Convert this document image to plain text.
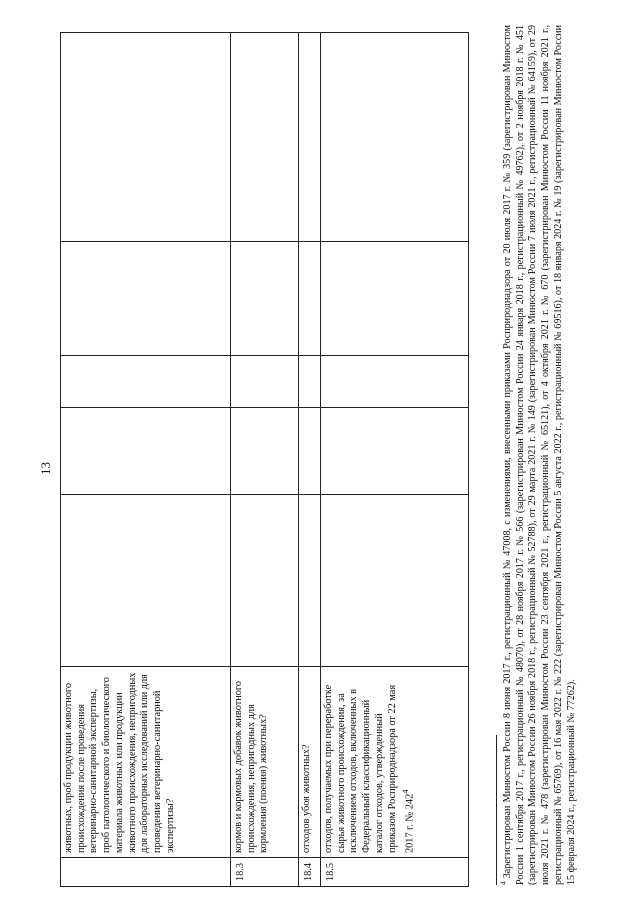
13
	животных, проб продукции животного происхождения после проведения ветеринарно-санитарной экспертизы, проб патологического и биологического материала животных или продукции животного происхождения, непригодных для лабораторных исследований или для проведения ветеринарно-санитарной экспертизы?					
18.3	кормов и кормовых добавок животного происхождения, непригодных для кормления (поения) животных?					
18.4	отходов убоя животных?					
18.5	отходов, получаемых при переработке сырья животного происхождения, за исключением отходов, включенных в Федеральный классификационный каталог отходов, утвержденный приказом Росприроднадзора от 22 мая 2017 г. № $242^4$					
$^4$ Зарегистрирован Минюстом России 8 июня 2017 г., регистрационный № 47008, с изменениями, внесенными приказами Росприроднадзора от 20 июля 2017 г. № 359 (зарегистрирован Минюстом России 1 сентября 2017 г., регистрационный № 48070), от 28 ноября 2017 г. № 566 (зарегистрирован Минюстом России 24 января 2018 г., регистрационный № 49762), от 2 ноября 2018 г. № 451 (зарегистрирован Минюстом России 26 ноября 2018 г., регистрационный № 52788), от 29 марта 2021 г. № 149 (зарегистрирован Минюстом России 7 июля 2021 г., регистрационный № 64159), от 29 июля 2021 г. № 478 (зарегистрирован Минюстом России 23 сентября 2021 г., регистрационный № 65121), от 4 октября 2021 г. № 670 (зарегистрирован Минюстом России 11 ноября 2021 г., регистрационный № 65769), от 16 мая 2022 г. № 222 (зарегистрирован Минюстом России 5 августа 2022 г., регистрационный № 69516), от 18 января 2024 г. № 19 (зарегистрирован Минюстом России 15 февраля 2024 г., регистрационный № 77262).
